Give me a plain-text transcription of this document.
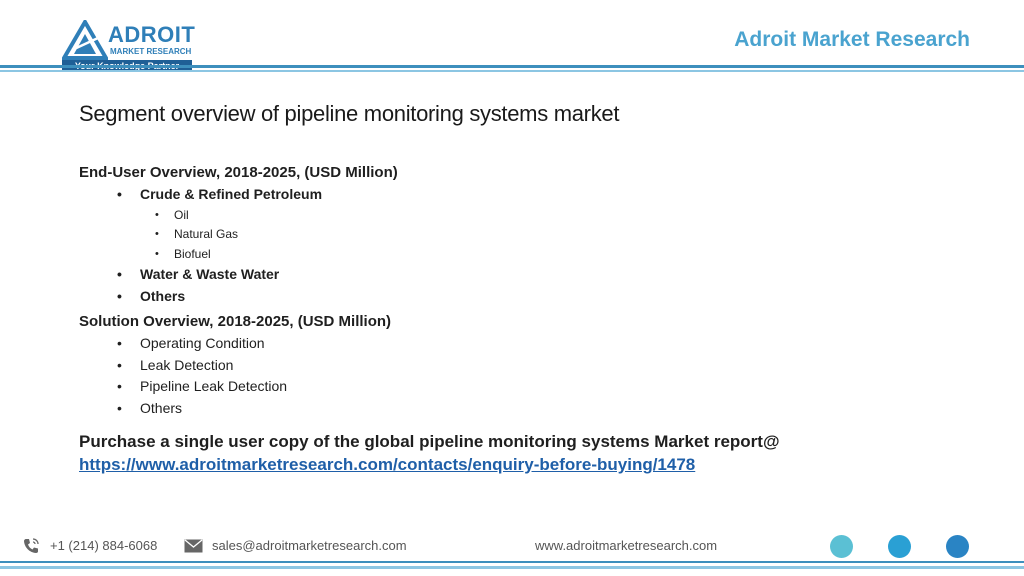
ADROIT
MARKET RESEARCH
Adroit Market Research
Segment overview of pipeline monitoring systems market

End-User Overview, 2018-2025, (USD Million)

• Crude & Refined Petroleum
• Oil
• Natural Gas
• Biofuel
• Water & Waste Water
• Others

Solution Overview, 2018-2025, (USD Million)

• Operating Condition
• Leak Detection
• Pipeline Leak Detection
• Others
Purchase a single user copy of the global pipeline monitoring systems Market report@
https://www.adroitmarketresearch.com/contacts/enquiry-before-buying/1478
+1 (214) 884-6068	sales@adroitmarketresearch.com	www.adroitmarketresearch.com
